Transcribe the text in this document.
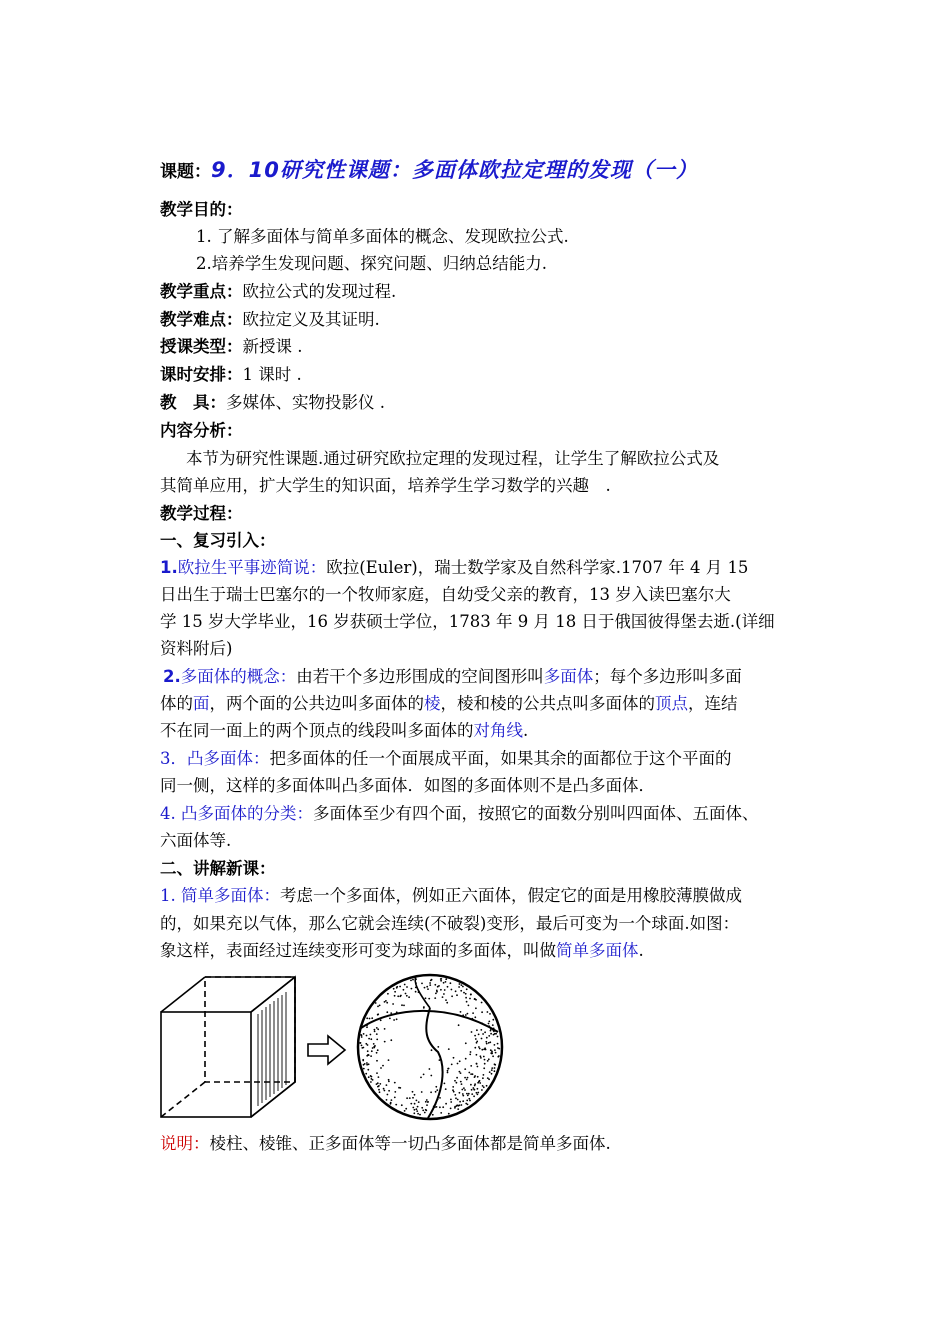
课题：9．10研究性课题：多面体欧拉定理的发现（一）
教学目的：
1. 了解多面体与简单多面体的概念、发现欧拉公式.
2.培养学生发现问题、探究问题、归纳总结能力.
教学重点：欧拉公式的发现过程.
教学难点：欧拉定义及其证明.
授课类型：新授课 .
课时安排：1 课时 .
教　具：多媒体、实物投影仪 .
内容分析：
本节为研究性课题.通过研究欧拉定理的发现过程，让学生了解欧拉公式及
其简单应用，扩大学生的知识面，培养学生学习数学的兴趣　.
教学过程：
一、复习引入：
1.欧拉生平事迹简说：欧拉(Euler)，瑞士数学家及自然科学家.1707 年 4 月 15
日出生于瑞士巴塞尔的一个牧师家庭，自幼受父亲的教育，13 岁入读巴塞尔大
学 15 岁大学毕业，16 岁获硕士学位，1783 年 9 月 18 日于俄国彼得堡去逝.(详细
资料附后)
2.多面体的概念：由若干个多边形围成的空间图形叫多面体；每个多边形叫多面
体的面，两个面的公共边叫多面体的棱，棱和棱的公共点叫多面体的顶点，连结
不在同一面上的两个顶点的线段叫多面体的对角线.
3．凸多面体：把多面体的任一个面展成平面，如果其余的面都位于这个平面的
同一侧，这样的多面体叫凸多面体．如图的多面体则不是凸多面体．
4. 凸多面体的分类：多面体至少有四个面，按照它的面数分别叫四面体、五面体、
六面体等.
二、讲解新课：
1. 简单多面体：考虑一个多面体，例如正六面体，假定它的面是用橡胶薄膜做成
的，如果充以气体，那么它就会连续(不破裂)变形，最后可变为一个球面.如图：
象这样，表面经过连续变形可变为球面的多面体，叫做简单多面体.
说明：棱柱、棱锥、正多面体等一切凸多面体都是简单多面体.
